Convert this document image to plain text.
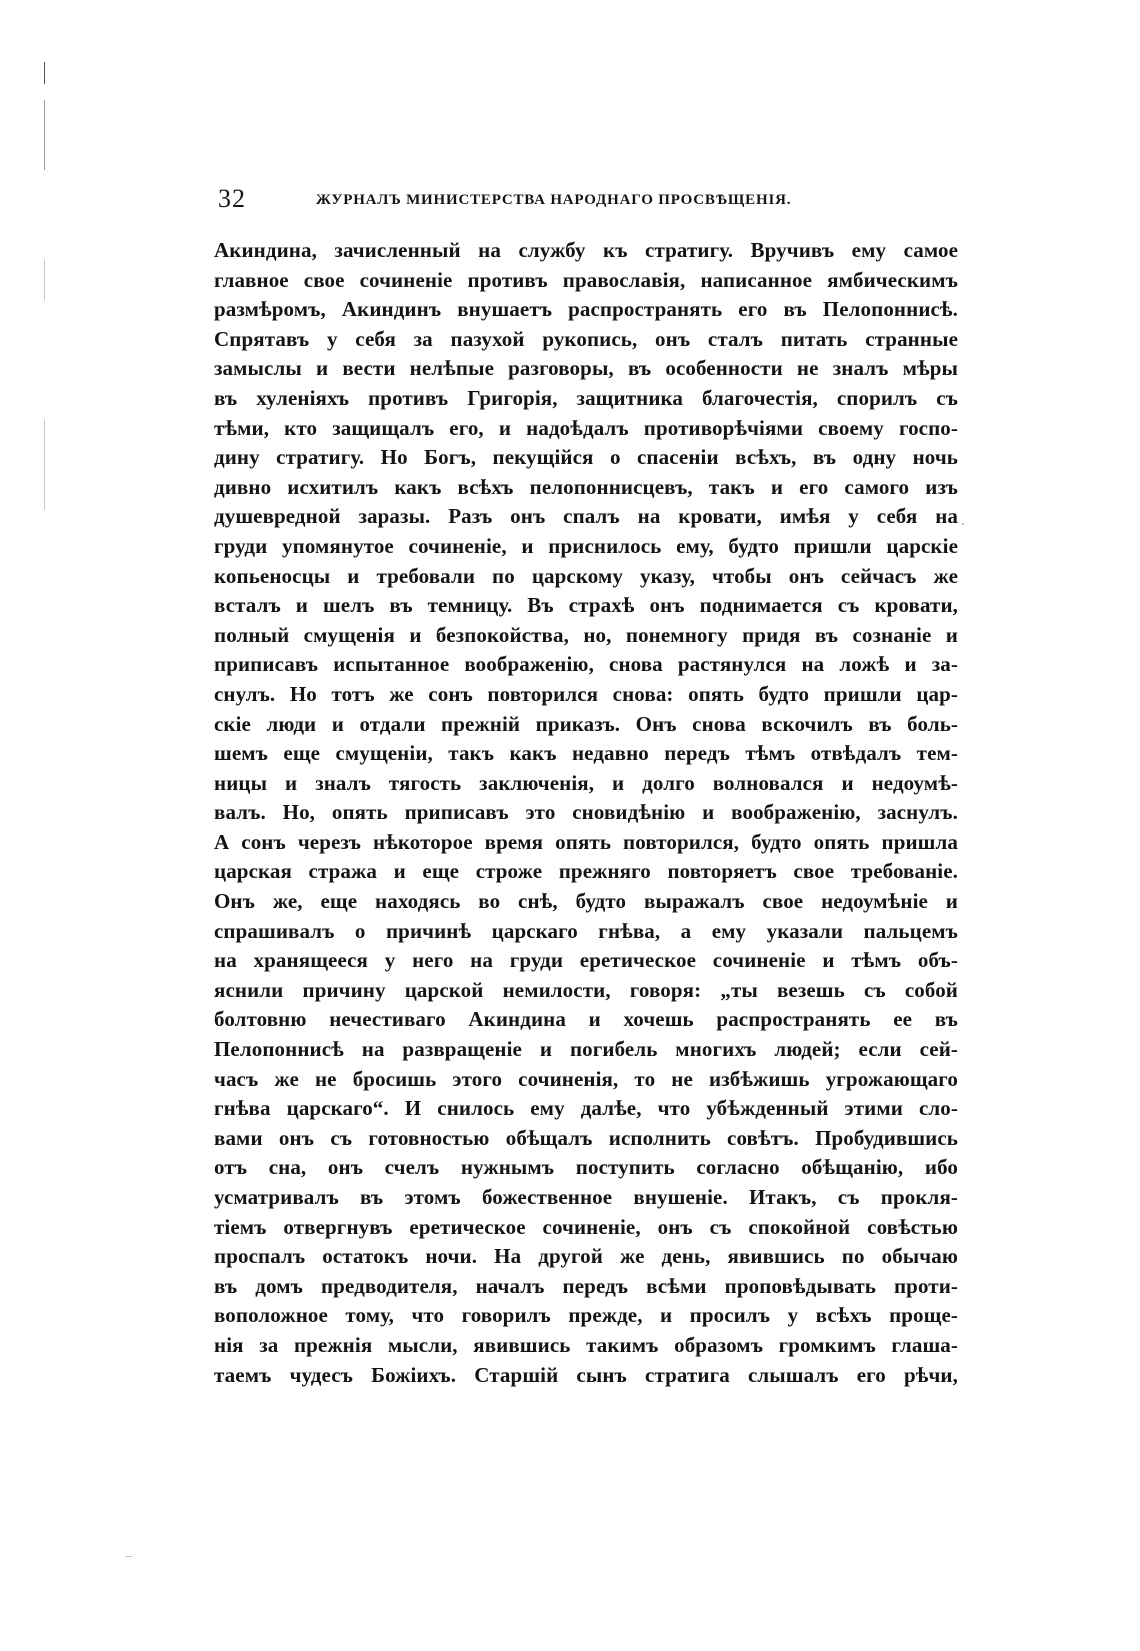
32	ЖУРНАЛЪ МИНИСТЕРСТВА НАРОДНАГО ПРОСВѢЩЕНІЯ.
Акиндина, зачисленный на службу къ стратигу. Вручивъ ему самое
главное свое сочиненіе противъ православія, написанное ямбическимъ
размѣромъ, Акиндинъ внушаетъ распространять его въ Пелопоннисѣ.
Спрятавъ у себя за пазухой рукопись, онъ сталъ питать странные
замыслы и вести нелѣпые разговоры, въ особенности не зналъ мѣры
въ хуленіяхъ противъ Григорія, защитника благочестія, спорилъ съ
тѣми, кто защищалъ его, и надоѣдалъ противорѣчіями своему госпо-
дину стратигу. Но Богъ, пекущійся о спасеніи всѣхъ, въ одну ночь
дивно исхитилъ какъ всѣхъ пелопоннисцевъ, такъ и его самого изъ
душевредной заразы. Разъ онъ спалъ на кровати, имѣя у себя на
груди упомянутое сочиненіе, и приснилось ему, будто пришли царскіе
копьеносцы и требовали по царскому указу, чтобы онъ сейчасъ же
всталъ и шелъ въ темницу. Въ страхѣ онъ поднимается съ кровати,
полный смущенія и безпокойства, но, понемногу придя въ сознаніе и
приписавъ испытанное воображенію, снова растянулся на ложѣ и за-
снулъ. Но тотъ же сонъ повторился снова: опять будто пришли цар-
скіе люди и отдали прежній приказъ. Онъ снова вскочилъ въ боль-
шемъ еще смущеніи, такъ какъ недавно передъ тѣмъ отвѣдалъ тем-
ницы и зналъ тягость заключенія, и долго волновался и недоумѣ-
валъ. Но, опять приписавъ это сновидѣнію и воображенію, заснулъ.
А сонъ черезъ нѣкоторое время опять повторился, будто опять пришла
царская стража и еще строже прежняго повторяетъ свое требованіе.
Онъ же, еще находясь во снѣ, будто выражалъ свое недоумѣніе и
спрашивалъ о причинѣ царскаго гнѣва, а ему указали пальцемъ
на хранящееся у него на груди еретическое сочиненіе и тѣмъ объ-
яснили причину царской немилости, говоря: „ты везешь съ собой
болтовню нечестиваго Акиндина и хочешь распространять ее въ
Пелопоннисѣ на развращеніе и погибель многихъ людей; если сей-
часъ же не бросишь этого сочиненія, то не избѣжишь угрожающаго
гнѣва царскаго“. И снилось ему далѣе, что убѣжденный этими сло-
вами онъ съ готовностью обѣщалъ исполнить совѣтъ. Пробудившись
отъ сна, онъ счелъ нужнымъ поступить согласно обѣщанію, ибо
усматривалъ въ этомъ божественное внушеніе. Итакъ, съ прокля-
тіемъ отвергнувъ еретическое сочиненіе, онъ съ спокойной совѣстью
проспалъ остатокъ ночи. На другой же день, явившись по обычаю
въ домъ предводителя, началъ передъ всѣми проповѣдывать проти-
воположное тому, что говорилъ прежде, и просилъ у всѣхъ проще-
нія за прежнія мысли, явившись такимъ образомъ громкимъ глаша-
таемъ чудесъ Божіихъ. Старшій сынъ стратига слышалъ его рѣчи,
